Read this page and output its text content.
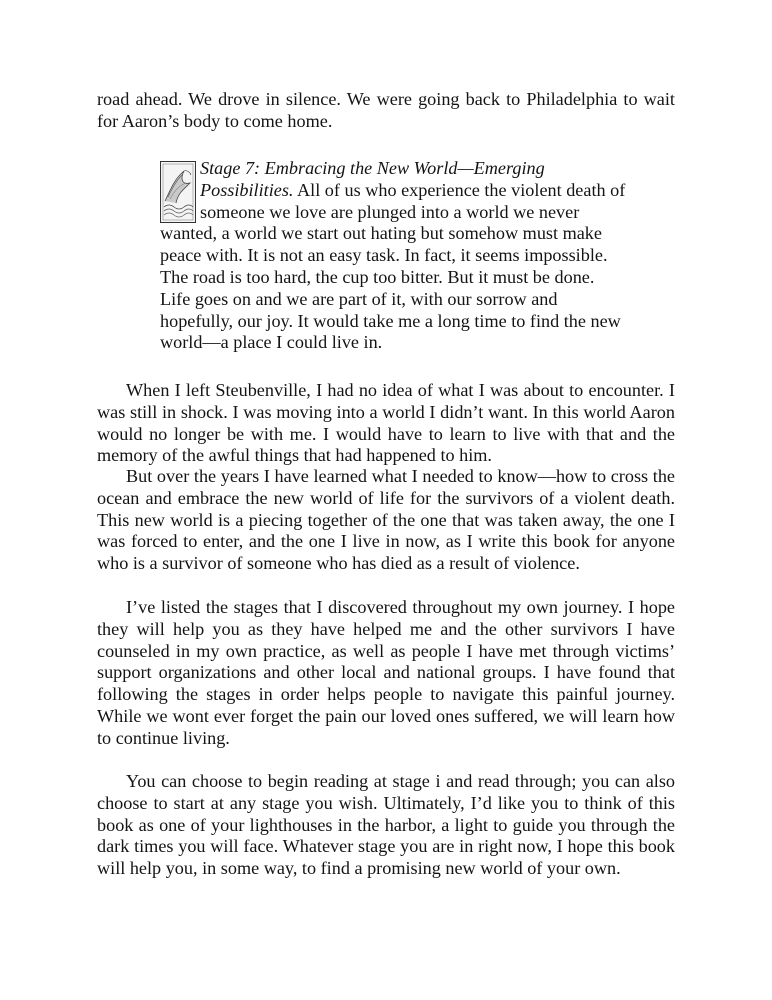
road ahead. We drove in silence. We were going back to Philadelphia to wait for Aaron’s body to come home.

Stage 7: Embracing the New World—Emerging Possibilities. All of us who experience the violent death of someone we love are plunged into a world we never wanted, a world we start out hating but somehow must make peace with. It is not an easy task. In fact, it seems impossible. The road is too hard, the cup too bitter. But it must be done. Life goes on and we are part of it, with our sorrow and hopefully, our joy. It would take me a long time to find the new world—a place I could live in.

When I left Steubenville, I had no idea of what I was about to encounter. I was still in shock. I was moving into a world I didn’t want. In this world Aaron would no longer be with me. I would have to learn to live with that and the memory of the awful things that had happened to him.

But over the years I have learned what I needed to know—how to cross the ocean and embrace the new world of life for the survivors of a violent death. This new world is a piecing together of the one that was taken away, the one I was forced to enter, and the one I live in now, as I write this book for anyone who is a survivor of someone who has died as a result of violence.

I’ve listed the stages that I discovered throughout my own journey. I hope they will help you as they have helped me and the other survivors I have counseled in my own practice, as well as people I have met through victims’ support organizations and other local and national groups. I have found that following the stages in order helps people to navigate this painful journey. While we wont ever forget the pain our loved ones suffered, we will learn how to continue living.

You can choose to begin reading at stage i and read through; you can also choose to start at any stage you wish. Ultimately, I’d like you to think of this book as one of your lighthouses in the harbor, a light to guide you through the dark times you will face. Whatever stage you are in right now, I hope this book will help you, in some way, to find a promising new world of your own.
